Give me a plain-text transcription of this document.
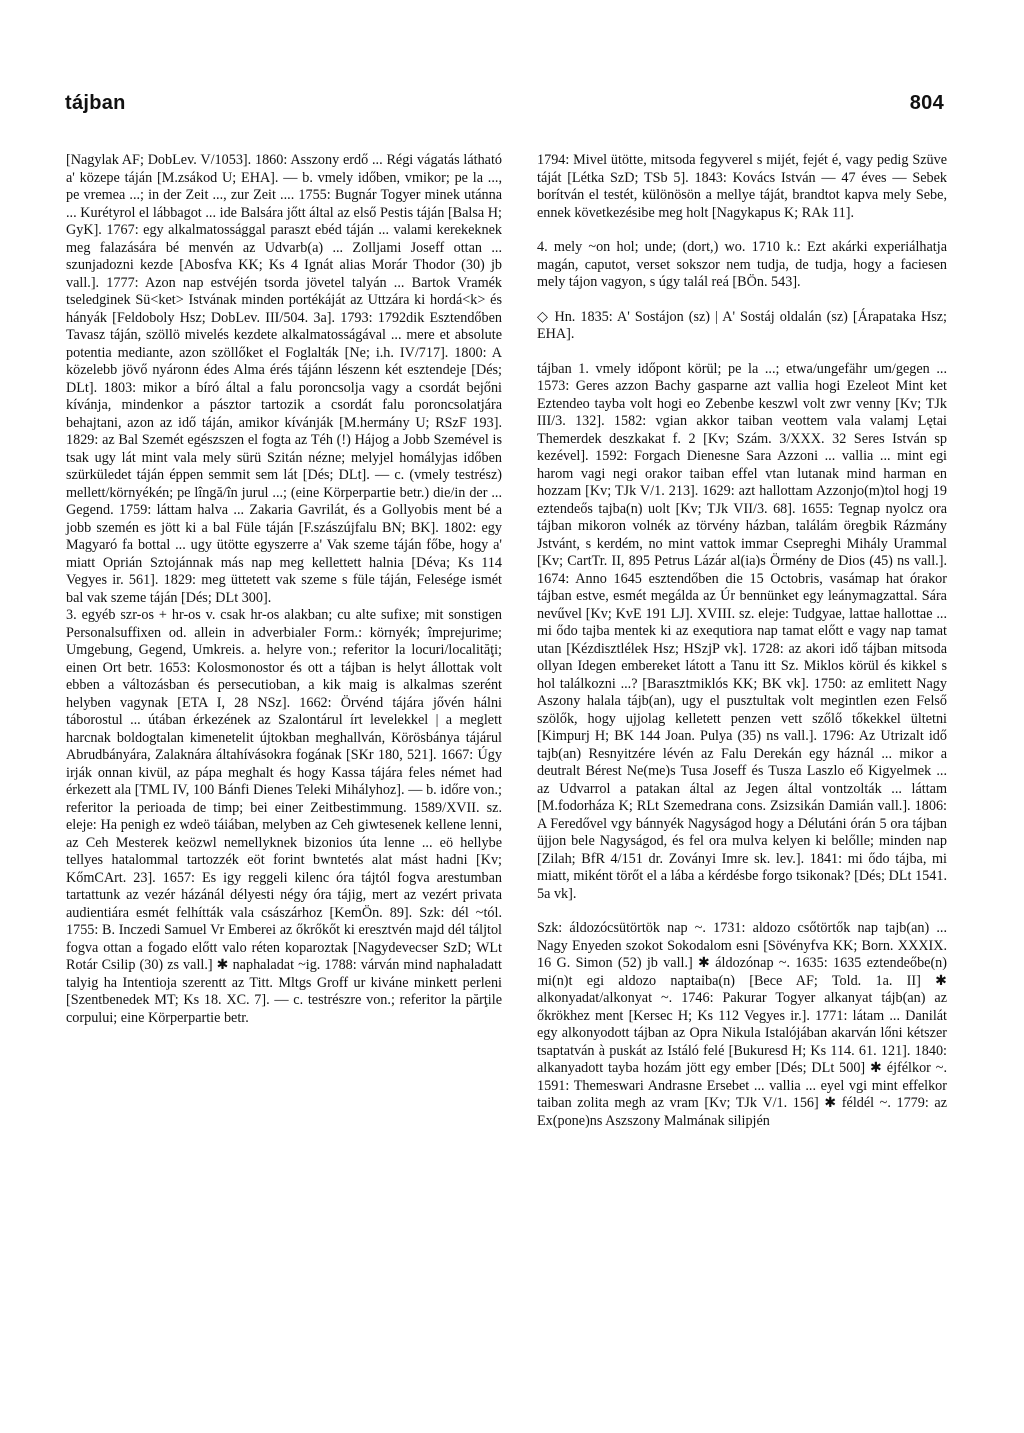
tájban	804

[Nagylak AF; DobLev. V/1053]. 1860: Asszony erdő ... Régi vágatás látható a' közepe táján [M.zsákod U; EHA]. — b. vmely időben, vmikor; pe la ..., pe vremea ...; in der Zeit ..., zur Zeit .... 1755: Bugnár Togyer minek utánna ... Kurétyrol el lábbagot ... ide Balsára jőtt által az első Pestis táján [Balsa H; GyK]. 1767: egy alkalmatossággal paraszt ebéd táján ... valami kerekeknek meg falazására bé menvén az Udvarb(a) ... Zolljami Joseff ottan ... szunjadozni kezde [Abosfva KK; Ks 4 Ignát alias Morár Thodor (30) jb vall.]. 1777: Azon nap estvéjén tsorda jövetel talyán ... Bartok Vramék tseledginek Sü<ket> Istvának minden portékáját az Uttzára ki hordá<k> és hányák [Feldoboly Hsz; DobLev. III/504. 3a]. 1793: 1792dik Esztendőben Tavasz táján, szöllö mivelés kezdete alkalmatosságával ... mere et absolute potentia mediante, azon szöllőket el Foglalták [Ne; i.h. IV/717]. 1800: A közelebb jövő nyáronn édes Alma érés tájánn lészenn két esztendeje [Dés; DLt]. 1803: mikor a bíró által a falu poroncsolja vagy a csordát bejőni kívánja, mindenkor a pásztor tartozik a csordát falu poroncsolatjára behajtani, azon az idő táján, amikor kívánják [M.hermány U; RSzF 193]. 1829: az Bal Szemét egészszen el fogta az Téh (!) Hájog a Jobb Szemével is tsak ugy lát mint vala mely sürü Szitán nézne; melyjel homályjas időben szürküledet táján éppen semmit sem lát [Dés; DLt]. — c. (vmely testrész) mellett/környékén; pe lîngă/în jurul ...; (eine Körperpartie betr.) die/in der ... Gegend. 1759: láttam halva ... Zakaria Gavrilát, és a Gollyobis ment bé a jobb szemén es jött ki a bal Füle táján [F.szászújfalu BN; BK]. 1802: egy Magyaró fa bottal ... ugy ütötte egyszerre a' Vak szeme táján főbe, hogy a' miatt Oprián Sztojánnak más nap meg kellettett halnia [Déva; Ks 114 Vegyes ir. 561]. 1829: meg üttetett vak szeme s füle táján, Felesége ismét bal vak szeme táján [Dés; DLt 300].

3. egyéb szr-os + hr-os v. csak hr-os alakban; cu alte sufixe; mit sonstigen Personalsuffixen od. allein in adverbialer Form.: környék; împrejurime; Umgebung, Gegend, Umkreis. a. helyre von.; referitor la locuri/localităţi; einen Ort betr. 1653: Kolosmonostor és ott a tájban is helyt állottak volt ebben a változásban és persecutioban, a kik maig is alkalmas szerént helyben vagynak [ETA I, 28 NSz]. 1662: Örvénd tájára jővén hálni táborostul ... útában érkezének az Szalontárul írt levelekkel | a meglett harcnak boldogtalan kimenetelit újtokban meghallván, Körösbánya tájárul Abrudbányára, Zalaknára áltahívásokra fogának [SKr 180, 521]. 1667: Úgy irják onnan kivül, az pápa meghalt és hogy Kassa tájára feles német had érkezett ala [TML IV, 100 Bánfi Dienes Teleki Mihályhoz]. — b. időre von.; referitor la perioada de timp; bei einer Zeitbestimmung. 1589/XVII. sz. eleje: Ha penigh ez wdeö táiában, melyben az Ceh giwtesenek kellene lenni, az Ceh Mesterek keözwl nemellyknek bizonios úta lenne ... eö hellybe tellyes hatalommal tartozzék eöt forint bwntetés alat mást hadni [Kv; KőmCArt. 23]. 1657: Es igy reggeli kilenc óra tájtól fogva arestumban tartattunk az vezér házánál délyesti négy óra tájig, mert az vezért privata audientiára esmét felhítták vala császárhoz [KemÖn. 89]. Szk: dél ~tól. 1755: B. Inczedi Samuel Vr Emberei az őkrőkőt ki eresztvén majd dél táljtol fogva ottan a fogado előtt valo réten koparoztak [Nagydevecser SzD; WLt Rotár Csilip (30) zs vall.] ✱ naphaladat ~ig. 1788: várván mind naphaladatt talyig ha Intentioja szerentt az Titt. Mltgs Groff ur kiváne minkett perleni [Szentbenedek MT; Ks 18. XC. 7]. — c. testrészre von.; referitor la părţile corpului; eine Körperpartie betr.

1794: Mivel ütötte, mitsoda fegyverel s mijét, fejét é, vagy pedig Szüve táját [Létka SzD; TSb 5]. 1843: Kovács István — 47 éves — Sebek borítván el testét, különösön a mellye táját, brandtot kapva mely Sebe, ennek következésibe meg holt [Nagykapus K; RAk 11].

4. mely ~on hol; unde; (dort,) wo. 1710 k.: Ezt akárki experiálhatja magán, caputot, verset sokszor nem tudja, de tudja, hogy a faciesen mely tájon vagyon, s úgy talál reá [BÖn. 543].

◇ Hn. 1835: A' Sostájon (sz) | A' Sostáj oldalán (sz) [Árapataka Hsz; EHA].

tájban 1. vmely időpont körül; pe la ...; etwa/ungefähr um/gegen ... 1573: Geres azzon Bachy gasparne azt vallia hogi Ezeleot Mint ket Eztendeo tayba volt hogi eo Zebenbe keszwl volt zwr venny [Kv; TJk III/3. 132]. 1582: vgian akkor taiban veottem vala valamj Lętai Themerdek deszkakat f. 2 [Kv; Szám. 3/XXX. 32 Seres István sp kezével]. 1592: Forgach Dienesne Sara Azzoni ... vallia ... mint egi harom vagi negi orakor taiban effel vtan lutanak mind harman en hozzam [Kv; TJk V/1. 213]. 1629: azt hallottam Azzonjo(m)tol hogj 19 eztendeős tajba(n) uolt [Kv; TJk VII/3. 68]. 1655: Tegnap nyolcz ora tájban mikoron volnék az törvény házban, találám öregbik Rázmány Jstvánt, s kerdém, no mint vattok immar Csepreghi Mihály Urammal [Kv; CartTr. II, 895 Petrus Lázár al(ia)s Örmény de Dios (45) ns vall.]. 1674: Anno 1645 esztendőben die 15 Octobris, vasámap hat órakor tájban estve, esmét megálda az Úr bennünket egy leánymagzattal. Sára nevűvel [Kv; KvE 191 LJ]. XVIII. sz. eleje: Tudgyae, lattae hallottae ... mi ődo tajba mentek ki az exequtiora nap tamat előtt e vagy nap tamat utan [Kézdisztlélek Hsz; HSzjP vk]. 1728: az akori idő tájban mitsoda ollyan Idegen embereket látott a Tanu itt Sz. Miklos körül és kikkel s hol találkozni ...? [Barasztmiklós KK; BK vk]. 1750: az emlitett Nagy Aszony halala tájb(an), ugy el pusztultak volt megintlen ezen Felső szölők, hogy ujjolag kelletett penzen vett szőlő tőkekkel ültetni [Kimpurj H; BK 144 Joan. Pulya (35) ns vall.]. 1796: Az Utrizalt idő tajb(an) Resnyitzére lévén az Falu Derekán egy háznál ... mikor a deutralt Bérest Ne(me)s Tusa Joseff és Tusza Laszlo eő Kigyelmek ... az Udvarrol a patakan által az Jegen által vontzolták ... láttam [M.fodorháza K; RLt Szemedrana cons. Zsizsikán Damián vall.]. 1806: A Feredővel vgy bánnyék Nagyságod hogy a Délutáni órán 5 ora tájban üjjon bele Nagyságod, és fel ora mulva kelyen ki belőlle; minden nap [Zilah; BfR 4/151 dr. Zoványi Imre sk. lev.]. 1841: mi ődo tájba, mi miatt, miként törőt el a lába a kérdésbe forgo tsikonak? [Dés; DLt 1541. 5a vk].

Szk: áldozócsütörtök nap ~. 1731: aldozo csőtörtők nap tajb(an) ... Nagy Enyeden szokot Sokodalom esni [Sövényfva KK; Born. XXXIX. 16 G. Simon (52) jb vall.] ✱ áldozónap ~. 1635: 1635 eztendeőbe(n) mi(n)t egi aldozo naptaiba(n) [Bece AF; Told. 1a. II] ✱ alkonyadat/alkonyat ~. 1746: Pakurar Togyer alkanyat tájb(an) az őkrökhez ment [Kersec H; Ks 112 Vegyes ir.]. 1771: látam ... Danilát egy alkonyodott tájban az Opra Nikula Istalójában akarván lőni kétszer tsaptatván à puskát az Istáló felé [Bukuresd H; Ks 114. 61. 121]. 1840: alkanyadott tayba hozám jött egy ember [Dés; DLt 500] ✱ éjfélkor ~. 1591: Themeswari Andrasne Ersebet ... vallia ... eyel vgi mint effelkor taiban zolita megh az vram [Kv; TJk V/1. 156] ✱ féldél ~. 1779: az Ex(pone)ns Aszszony Malmának silipjén
